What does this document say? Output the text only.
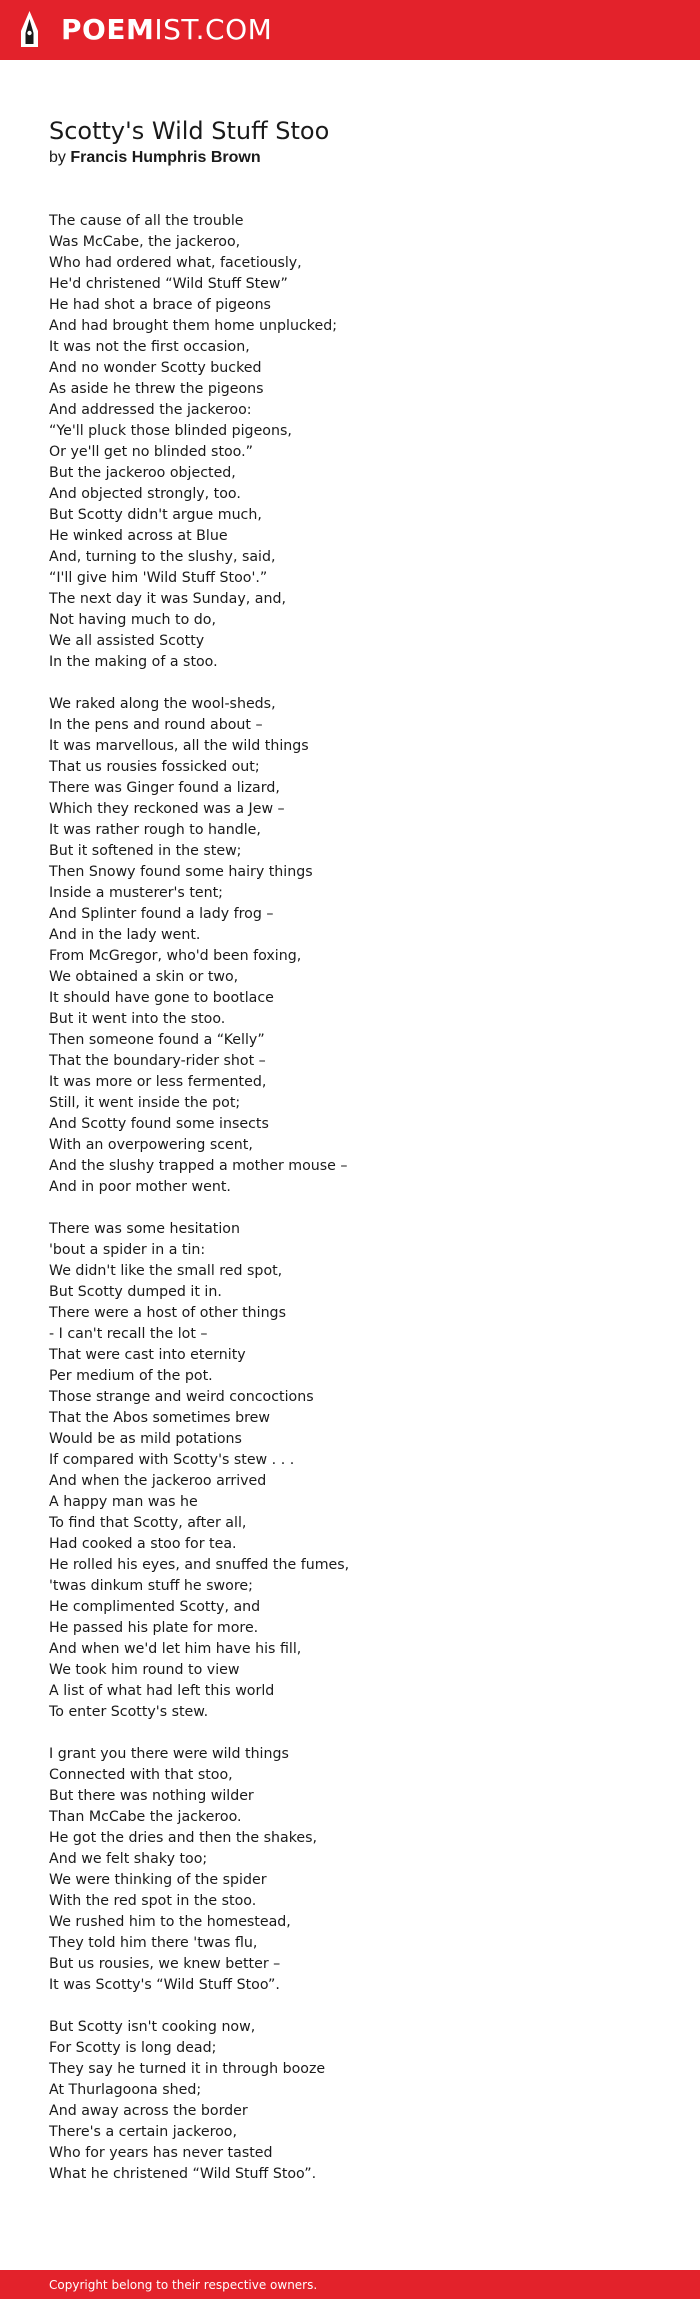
POEMIST.COM
Scotty's Wild Stuff Stoo
by Francis Humphris Brown
The cause of all the trouble
Was McCabe, the jackeroo,
Who had ordered what, facetiously,
He'd christened “Wild Stuff Stew”
He had shot a brace of pigeons
And had brought them home unplucked;
It was not the first occasion,
And no wonder Scotty bucked
As aside he threw the pigeons
And addressed the jackeroo:
“Ye'll pluck those blinded pigeons,
Or ye'll get no blinded stoo.”
But the jackeroo objected,
And objected strongly, too.
But Scotty didn't argue much,
He winked across at Blue
And, turning to the slushy, said,
“I'll give him 'Wild Stuff Stoo'.”
The next day it was Sunday, and,
Not having much to do,
We all assisted Scotty
In the making of a stoo.
We raked along the wool-sheds,
In the pens and round about –
It was marvellous, all the wild things
That us rousies fossicked out;
There was Ginger found a lizard,
Which they reckoned was a Jew –
It was rather rough to handle,
But it softened in the stew;
Then Snowy found some hairy things
Inside a musterer's tent;
And Splinter found a lady frog –
And in the lady went.
From McGregor, who'd been foxing,
We obtained a skin or two,
It should have gone to bootlace
But it went into the stoo.
Then someone found a “Kelly”
That the boundary-rider shot –
It was more or less fermented,
Still, it went inside the pot;
And Scotty found some insects
With an overpowering scent,
And the slushy trapped a mother mouse –
And in poor mother went.
There was some hesitation
'bout a spider in a tin:
We didn't like the small red spot,
But Scotty dumped it in.
There were a host of other things
- I can't recall the lot –
That were cast into eternity
Per medium of the pot.
Those strange and weird concoctions
That the Abos sometimes brew
Would be as mild potations
If compared with Scotty's stew . . .
And when the jackeroo arrived
A happy man was he
To find that Scotty, after all,
Had cooked a stoo for tea.
He rolled his eyes, and snuffed the fumes,
'twas dinkum stuff he swore;
He complimented Scotty, and
He passed his plate for more.
And when we'd let him have his fill,
We took him round to view
A list of what had left this world
To enter Scotty's stew.
I grant you there were wild things
Connected with that stoo,
But there was nothing wilder
Than McCabe the jackeroo.
He got the dries and then the shakes,
And we felt shaky too;
We were thinking of the spider
With the red spot in the stoo.
We rushed him to the homestead,
They told him there 'twas flu,
But us rousies, we knew better –
It was Scotty's “Wild Stuff Stoo”.
But Scotty isn't cooking now,
For Scotty is long dead;
They say he turned it in through booze
At Thurlagoona shed;
And away across the border
There's a certain jackeroo,
Who for years has never tasted
What he christened “Wild Stuff Stoo”.
Copyright belong to their respective owners.
